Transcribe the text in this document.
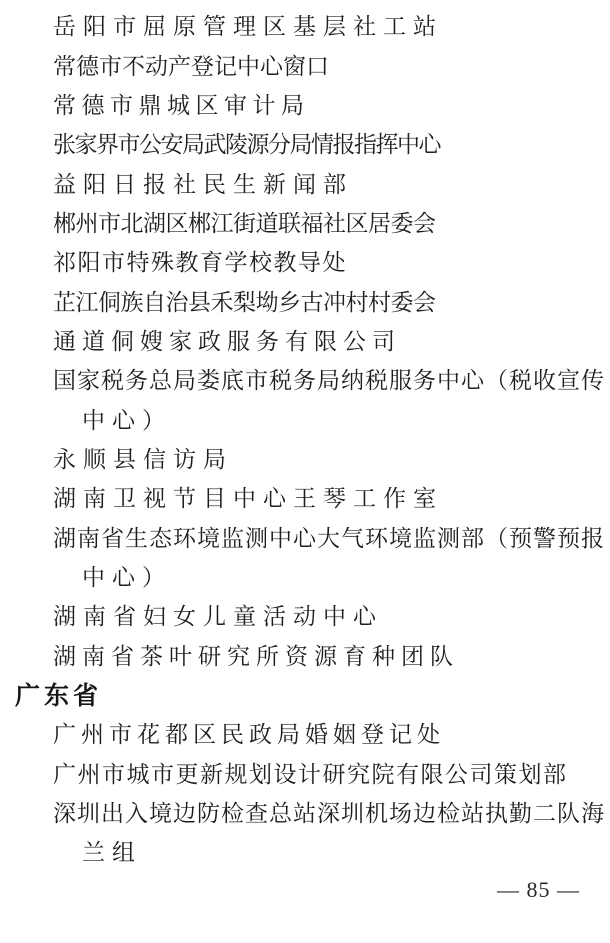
岳阳市屈原管理区基层社工站
常德市不动产登记中心窗口
常德市鼎城区审计局
张家界市公安局武陵源分局情报指挥中心
益阳日报社民生新闻部
郴州市北湖区郴江街道联福社区居委会
祁阳市特殊教育学校教导处
芷江侗族自治县禾梨坳乡古冲村村委会
通道侗嫂家政服务有限公司
国家税务总局娄底市税务局纳税服务中心（税收宣传
中心）
永顺县信访局
湖南卫视节目中心王琴工作室
湖南省生态环境监测中心大气环境监测部（预警预报
中心）
湖南省妇女儿童活动中心
湖南省茶叶研究所资源育种团队
广东省
广州市花都区民政局婚姻登记处
广州市城市更新规划设计研究院有限公司策划部
深圳出入境边防检查总站深圳机场边检站执勤二队海
兰组
— 85 —
